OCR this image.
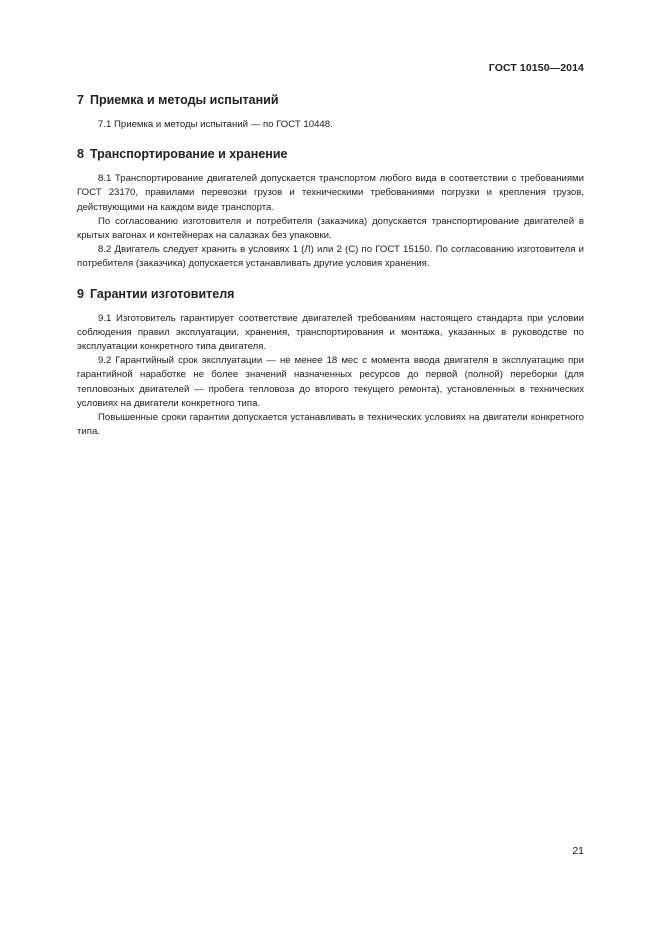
ГОСТ 10150—2014
7 Приемка и методы испытаний

7.1 Приемка и методы испытаний — по ГОСТ 10448.

8 Транспортирование и хранение

8.1 Транспортирование двигателей допускается транспортом любого вида в соответствии с требованиями ГОСТ 23170, правилами перевозки грузов и техническими требованиями погрузки и крепления грузов, действующими на каждом виде транспорта.

По согласованию изготовителя и потребителя (заказчика) допускается транспортирование двигателей в крытых вагонах и контейнерах на салазках без упаковки.

8.2 Двигатель следует хранить в условиях 1 (Л) или 2 (С) по ГОСТ 15150. По согласованию изготовителя и потребителя (заказчика) допускается устанавливать другие условия хранения.

9 Гарантии изготовителя

9.1 Изготовитель гарантирует соответствие двигателей требованиям настоящего стандарта при условии соблюдения правил эксплуатации, хранения, транспортирования и монтажа, указанных в руководстве по эксплуатации конкретного типа двигателя.

9.2 Гарантийный срок эксплуатации — не менее 18 мес с момента ввода двигателя в эксплуатацию при гарантийной наработке не более значений назначенных ресурсов до первой (полной) переборки (для тепловозных двигателей — пробега тепловоза до второго текущего ремонта), установленных в технических условиях на двигатели конкретного типа.

Повышенные сроки гарантии допускается устанавливать в технических условиях на двигатели конкретного типа.

21
